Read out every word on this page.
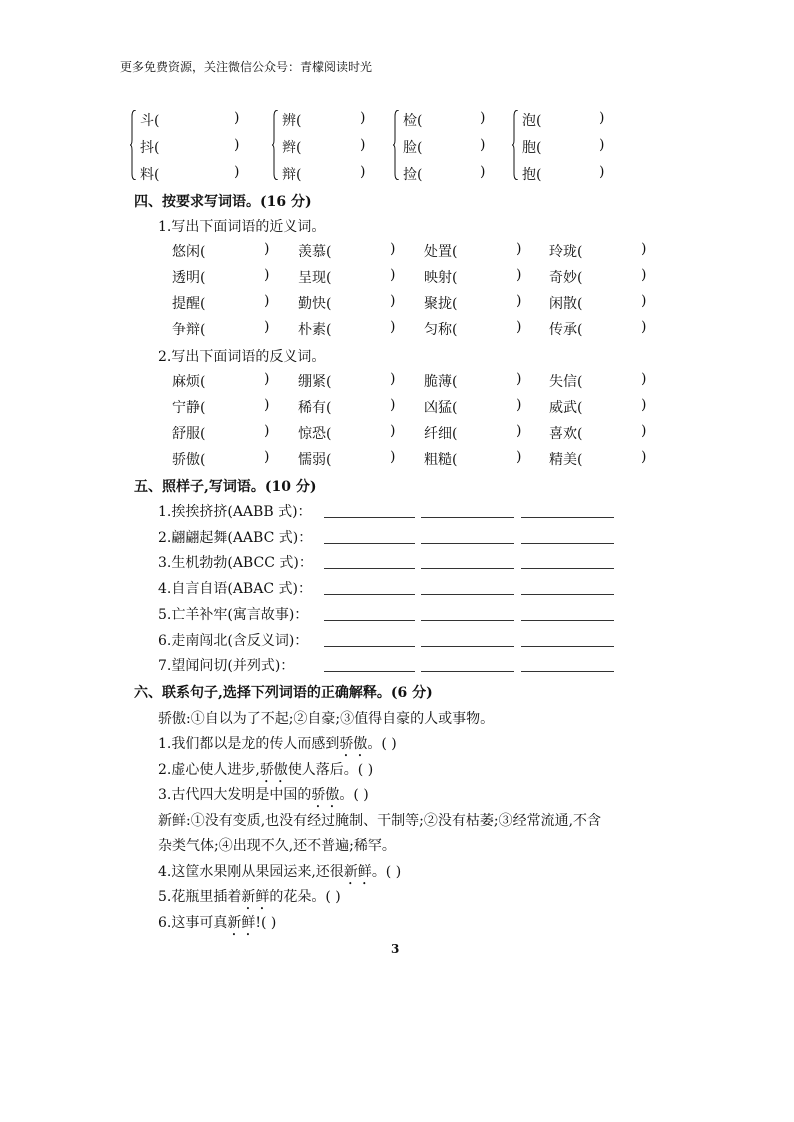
更多免费资源，关注微信公众号：青檬阅读时光
斗(	)
抖(	)
料(	)
辨(	)
辫(	)
辩(	)
检(	)
脸(	)
捡(	)
泡(	)
胞(	)
抱(	)
四、按要求写词语。(16 分)
1.写出下面词语的近义词。
悠闲(	) 羡慕(	) 处置(	) 玲珑(	)
透明(	) 呈现(	) 映射(	) 奇妙(	)
提醒(	) 勤快(	) 聚拢(	) 闲散(	)
争辩(	) 朴素(	) 匀称(	) 传承(	)
2.写出下面词语的反义词。
麻烦(	) 绷紧(	) 脆薄(	) 失信(	)
宁静(	) 稀有(	) 凶猛(	) 威武(	)
舒服(	) 惊恐(	) 纤细(	) 喜欢(	)
骄傲(	) 懦弱(	) 粗糙(	) 精美(	)
五、照样子,写词语。(10 分)
1.挨挨挤挤(AABB 式)：
2.翩翩起舞(AABC 式)：
3.生机勃勃(ABCC 式)：
4.自言自语(ABAC 式)：
5.亡羊补牢(寓言故事)：
6.走南闯北(含反义词)：
7.望闻问切(并列式)：
六、联系句子,选择下列词语的正确解释。(6 分)
骄傲:①自以为了不起;②自豪;③值得自豪的人或事物。
1.我们都以是龙的传人而感到骄傲。( )
2.虚心使人进步,骄傲使人落后。( )
3.古代四大发明是中国的骄傲。( )
新鲜:①没有变质,也没有经过腌制、干制等;②没有枯萎;③经常流通,不含
杂类气体;④出现不久,还不普遍;稀罕。
4.这筐水果刚从果园运来,还很新鲜。( )
5.花瓶里插着新鲜的花朵。( )
6.这事可真新鲜!( )
3
